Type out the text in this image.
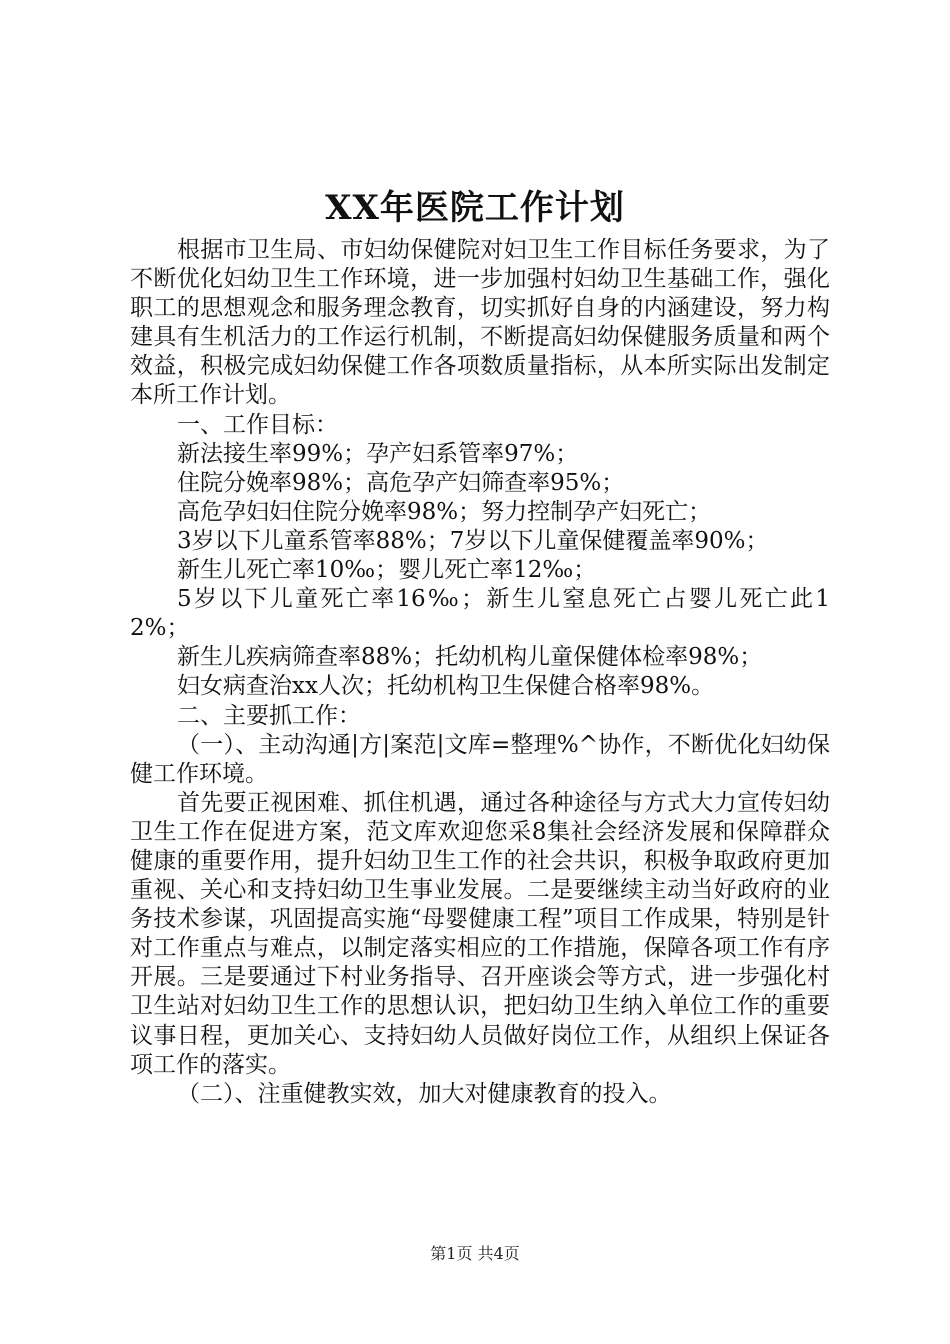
XX年医院工作计划

根据市卫生局、市妇幼保健院对妇卫生工作目标任务要求，为了不断优化妇幼卫生工作环境，进一步加强村妇幼卫生基础工作，强化职工的思想观念和服务理念教育，切实抓好自身的内涵建设，努力构建具有生机活力的工作运行机制，不断提高妇幼保健服务质量和两个效益，积极完成妇幼保健工作各项数质量指标，从本所实际出发制定本所工作计划。

一、工作目标：

新法接生率99%；孕产妇系管率97%；

住院分娩率98%；高危孕产妇筛查率95%；

高危孕妇妇住院分娩率98%；努力控制孕产妇死亡；

3岁以下儿童系管率88%；7岁以下儿童保健覆盖率90%；

新生儿死亡率10‰；婴儿死亡率12‰；

5岁以下儿童死亡率16‰；新生儿窒息死亡占婴儿死亡此12%；

新生儿疾病筛查率88%；托幼机构儿童保健体检率98%；

妇女病查治xx人次；托幼机构卫生保健合格率98%。

二、主要抓工作：

（一）、主动沟通|方|案范|文库=整理%^协作，不断优化妇幼保健工作环境。

首先要正视困难、抓住机遇，通过各种途径与方式大力宣传妇幼卫生工作在促进方案，范文库欢迎您采8集社会经济发展和保障群众健康的重要作用，提升妇幼卫生工作的社会共识，积极争取政府更加重视、关心和支持妇幼卫生事业发展。二是要继续主动当好政府的业务技术参谋，巩固提高实施“母婴健康工程”项目工作成果，特别是针对工作重点与难点，以制定落实相应的工作措施，保障各项工作有序开展。三是要通过下村业务指导、召开座谈会等方式，进一步强化村卫生站对妇幼卫生工作的思想认识，把妇幼卫生纳入单位工作的重要议事日程，更加关心、支持妇幼人员做好岗位工作，从组织上保证各项工作的落实。

（二）、注重健教实效，加大对健康教育的投入。

第1页 共4页
